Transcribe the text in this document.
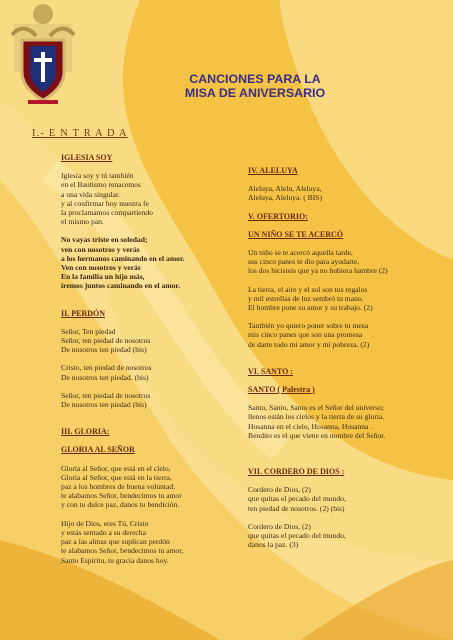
CANCIONES PARA LA
MISA DE ANIVERSARIO
I.- E N T R A D A
IGLESIA SOY

Iglesia soy y tú también

en el Bautismo renacemos

a una vida singular.

y al confirmar hoy nuestra fe

la proclamamos compartiendo

el mismo pan.

No vayas triste en soledad;

ven con nosotros y verás

a los hermanos caminando en el amor.

Ven con nosotros y verás

En la familia un hijo más,

iremos juntos caminando en el amor.

II. PERDÓN

Señor, Ten piedad

Señor, ten piedad de nosotros

De nosotros ten piedad (bis)

Cristo, ten piedad de nosotros

De nosotros ten piedad. (bis)

Señor, ten piedad de nosotros

De nosotros ten piedad (bis)

III. GLORIA:
GLORIA AL SEÑOR

Gloria al Señor, que está en el cielo,

Gloria al Señor, que está en la tierra,

paz a los hombres de buena voluntad.

te alabamos Señor, bendecimos tu amor

y con tu dulce paz, danos tu bendición.

Hijo de Dios, eres Tú, Cristo

y estás sentado a su derecha

paz a las almas que suplican perdón

te alabamos Señor, bendecimos tu amor,

Santo Espíritu, tu gracia danos hoy.

IV. ALELUYA

Aleluya, Alelu, Aleluya,

Aleluya, Aleluya. ( BIS)

V. OFERTORIO:
UN NIÑO SE TE ACERCÓ

Un niño se te acercó aquella tarde,

sus cinco panes te dio para ayudarte,

los dos hicisteis que ya no hubiera hambre (2)

La tierra, el aire y el sol son tus regalos

y mil estrellas de luz sembró tu mano.

El hombre pone su amor y su trabajo. (2)

También yo quiero poner sobre tu mesa

mis cinco panes que son una promesa

de darte todo mi amor y mi pobreza. (2)

VI. SANTO :
SANTO ( Palestra )

Santo, Santo, Santo es el Señor del universo;

llenos están los cielos y la tierra de su gloria.

Hosanna en el cielo, Hosanna, Hosanna .

Bendito es el que viene en nombre del Señor.

VII. CORDERO DE DIOS :

Cordero de Dios, (2)

que quitas el pecado del mundo,

ten piedad de nosotros. (2) (bis)

Cordero de Dios, (2)

que quitas el pecado del mundo,

danos la paz. (3)
